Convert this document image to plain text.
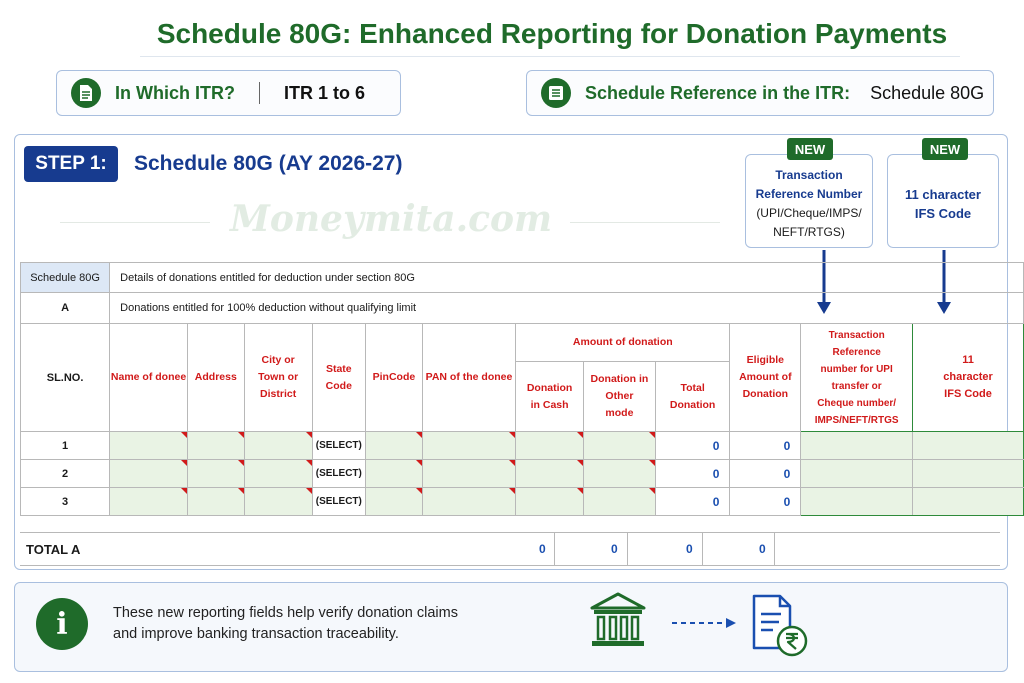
Schedule 80G: Enhanced Reporting for Donation Payments
In Which ITR?	ITR 1 to 6	Schedule Reference in the ITR: Schedule 80G
STEP 1:	Schedule 80G (AY 2026-27)
Moneymita.com
Transaction
Reference Number
(UPI/Cheque/IMPS/
NEFT/RTGS)
NEW
11 character
IFS Code
NEW
Schedule 80G	Details of donations entitled for deduction under section 80G											
A	Donations entitled for 100% deduction without qualifying limit											
SL.NO.	Name of donee	Address	City or Town or District	State Code	PinCode	PAN of the donee	Amount of donation			Eligible Amount of Donation	Transaction Reference number for UPI transfer or Cheque number/ IMPS/NEFT/RTGS	11 character IFS Code
							Donation in Cash	Donation in Other mode	Total Donation			
1				(SELECT)					0	0		
2				(SELECT)					0	0		
3				(SELECT)					0	0		
TOTAL A	0	0	0	0
i	These new reporting fields help verify donation claims
and improve banking transaction traceability.
